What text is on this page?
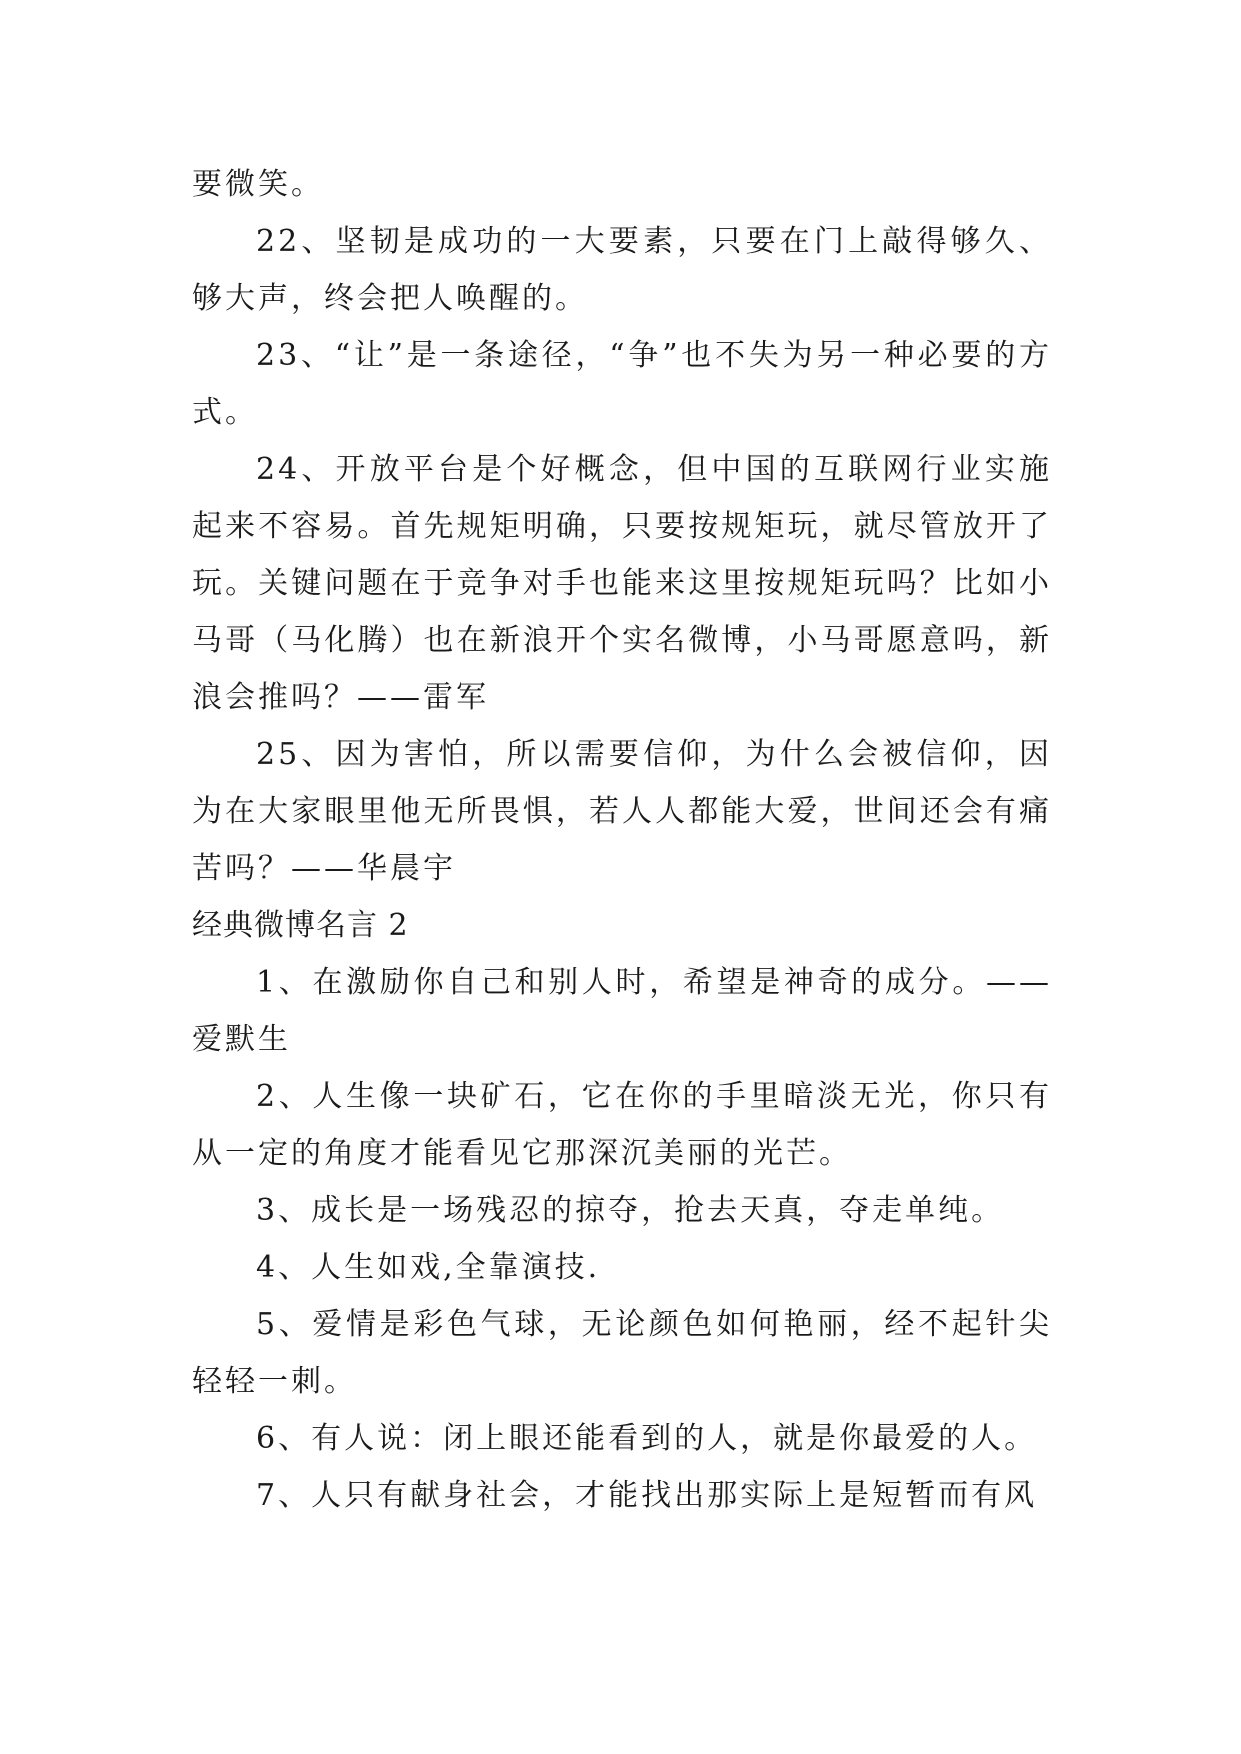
要微笑。

22、坚韧是成功的一大要素，只要在门上敲得够久、够大声，终会把人唤醒的。

23、“让”是一条途径，“争”也不失为另一种必要的方式。

24、开放平台是个好概念，但中国的互联网行业实施起来不容易。首先规矩明确，只要按规矩玩，就尽管放开了玩。关键问题在于竞争对手也能来这里按规矩玩吗？比如小马哥（马化腾）也在新浪开个实名微博，小马哥愿意吗，新浪会推吗？——雷军

25、因为害怕，所以需要信仰，为什么会被信仰，因为在大家眼里他无所畏惧，若人人都能大爱，世间还会有痛苦吗？——华晨宇

经典微博名言 2

1、在激励你自己和别人时，希望是神奇的成分。——爱默生

2、人生像一块矿石，它在你的手里暗淡无光，你只有从一定的角度才能看见它那深沉美丽的光芒。

3、成长是一场残忍的掠夺，抢去天真，夺走单纯。

4、人生如戏,全靠演技.

5、爱情是彩色气球，无论颜色如何艳丽，经不起针尖轻轻一刺。

6、有人说：闭上眼还能看到的人，就是你最爱的人。

7、人只有献身社会，才能找出那实际上是短暂而有风
